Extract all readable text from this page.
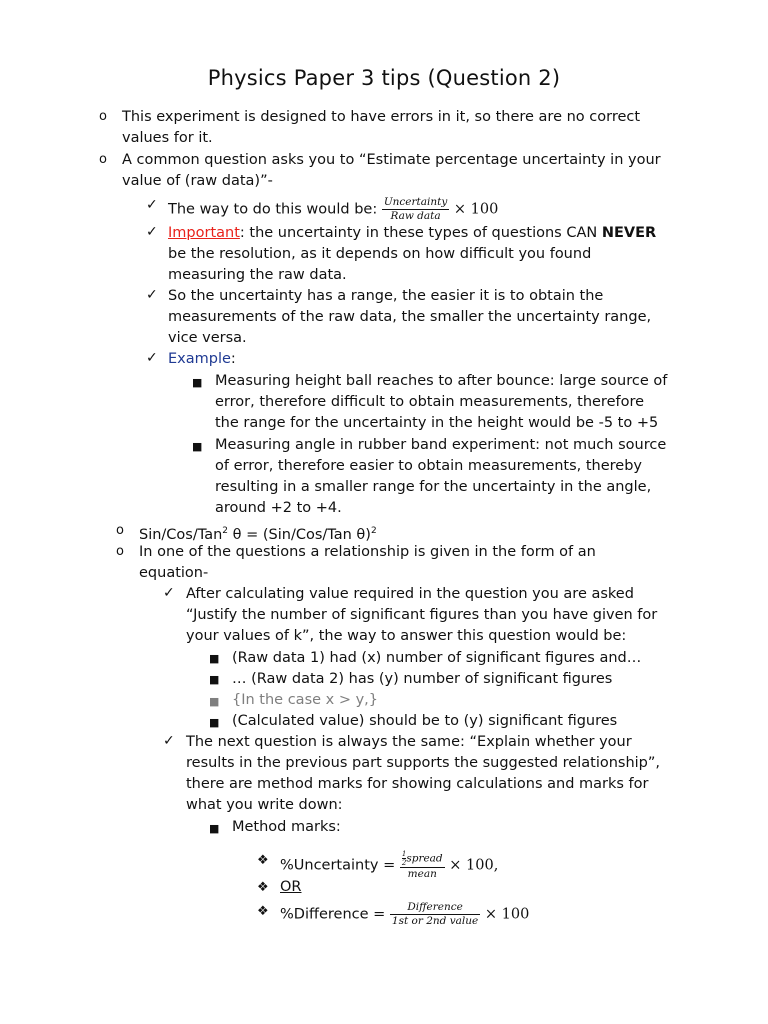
Physics Paper 3 tips (Question 2)
o This experiment is designed to have errors in it, so there are no correct
values for it.
o A common question asks you to “Estimate percentage uncertainty in your
value of (raw data)”-
✓ The way to do this would be: $\frac{\text{Uncertainty}}{\text{Raw data}} \times 100$
✓ Important: the uncertainty in these types of questions CAN NEVER
be the resolution, as it depends on how difficult you found
measuring the raw data.
✓ So the uncertainty has a range, the easier it is to obtain the
measurements of the raw data, the smaller the uncertainty range,
vice versa.
✓ Example:
■ Measuring height ball reaches to after bounce: large source of
error, therefore difficult to obtain measurements, therefore
the range for the uncertainty in the height would be -5 to +5
■ Measuring angle in rubber band experiment: not much source
of error, therefore easier to obtain measurements, thereby
resulting in a smaller range for the uncertainty in the angle,
around +2 to +4.
o Sin/Cos/Tan$^2$ θ = (Sin/Cos/Tan θ)$^2$
o In one of the questions a relationship is given in the form of an
equation-
✓ After calculating value required in the question you are asked
“Justify the number of significant figures than you have given for
your values of k”, the way to answer this question would be:
■ (Raw data 1) had (x) number of significant figures and…
■ … (Raw data 2) has (y) number of significant figures
■ {In the case x > y,}
■ (Calculated value) should be to (y) significant figures
✓ The next question is always the same: “Explain whether your
results in the previous part supports the suggested relationship”,
there are method marks for showing calculations and marks for
what you write down:
■ Method marks:
❖ %Uncertainty = $\frac{\frac{1}{2} spread}{\text{mean}} \times 100$,
❖ OR
❖ %Difference = $\frac{\text{Difference}}{\text{1st or 2nd value}} \times 100$
